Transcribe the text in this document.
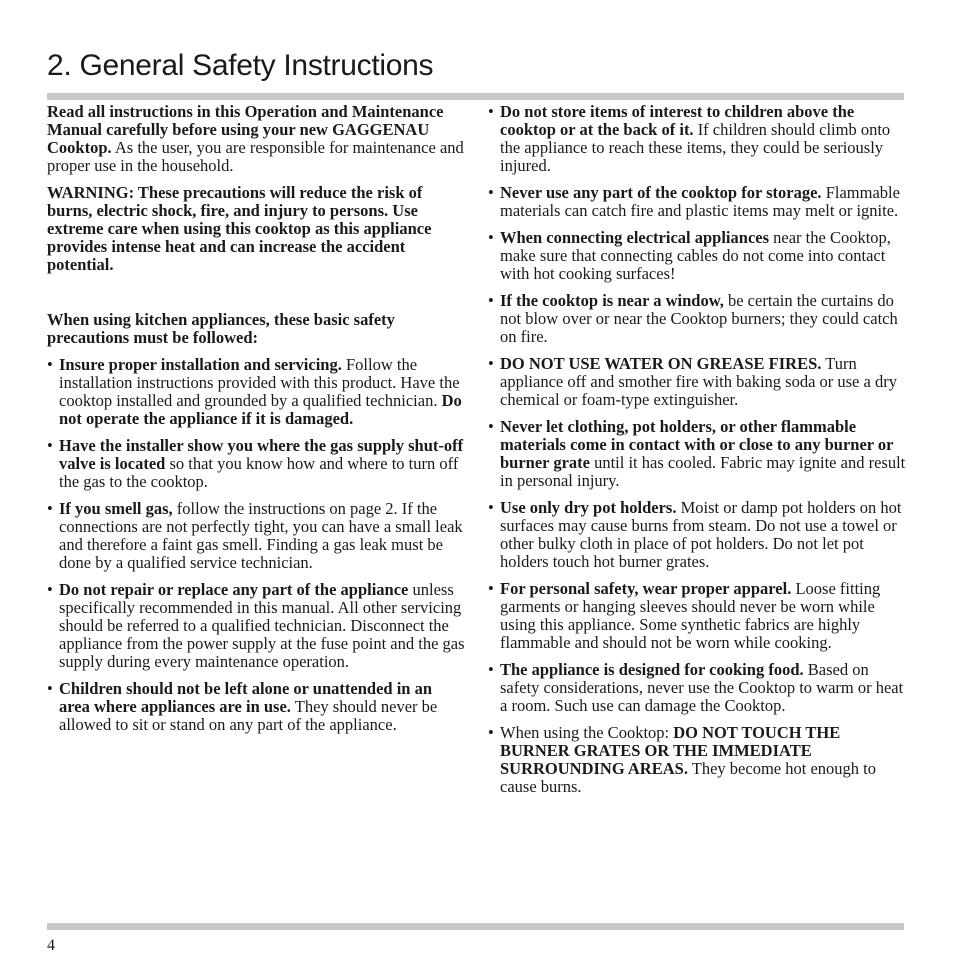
2. General Safety Instructions

Read all instructions in this Operation and Maintenance Manual carefully before using your new GAGGENAU Cooktop. As the user, you are responsible for maintenance and proper use in the household.

WARNING: These precautions will reduce the risk of burns, electric shock, fire, and injury to persons. Use extreme care when using this cooktop as this appliance provides intense heat and can increase the accident potential.

When using kitchen appliances, these basic safety precautions must be followed:

• Insure proper installation and servicing. Follow the installation instructions provided with this product. Have the cooktop installed and grounded by a qualified technician. Do not operate the appliance if it is damaged.
• Have the installer show you where the gas supply shut-off valve is located so that you know how and where to turn off the gas to the cooktop.
• If you smell gas, follow the instructions on page 2. If the connections are not perfectly tight, you can have a small leak and therefore a faint gas smell. Finding a gas leak must be done by a qualified service technician.
• Do not repair or replace any part of the appliance unless specifically recommended in this manual. All other servicing should be referred to a qualified technician. Disconnect the appliance from the power supply at the fuse point and the gas supply during every maintenance operation.
• Children should not be left alone or unattended in an area where appliances are in use. They should never be allowed to sit or stand on any part of the appliance.
• Do not store items of interest to children above the cooktop or at the back of it. If children should climb onto the appliance to reach these items, they could be seriously injured.
• Never use any part of the cooktop for storage. Flammable materials can catch fire and plastic items may melt or ignite.
• When connecting electrical appliances near the Cooktop, make sure that connecting cables do not come into contact with hot cooking surfaces!
• If the cooktop is near a window, be certain the curtains do not blow over or near the Cooktop burners; they could catch on fire.
• DO NOT USE WATER ON GREASE FIRES. Turn appliance off and smother fire with baking soda or use a dry chemical or foam-type extinguisher.
• Never let clothing, pot holders, or other flammable materials come in contact with or close to any burner or burner grate until it has cooled. Fabric may ignite and result in personal injury.
• Use only dry pot holders. Moist or damp pot holders on hot surfaces may cause burns from steam. Do not use a towel or other bulky cloth in place of pot holders. Do not let pot holders touch hot burner grates.
• For personal safety, wear proper apparel. Loose fitting garments or hanging sleeves should never be worn while using this appliance. Some synthetic fabrics are highly flammable and should not be worn while cooking.
• The appliance is designed for cooking food. Based on safety considerations, never use the Cooktop to warm or heat a room. Such use can damage the Cooktop.
• When using the Cooktop: DO NOT TOUCH THE BURNER GRATES OR THE IMMEDIATE SURROUNDING AREAS. They become hot enough to cause burns.
4
